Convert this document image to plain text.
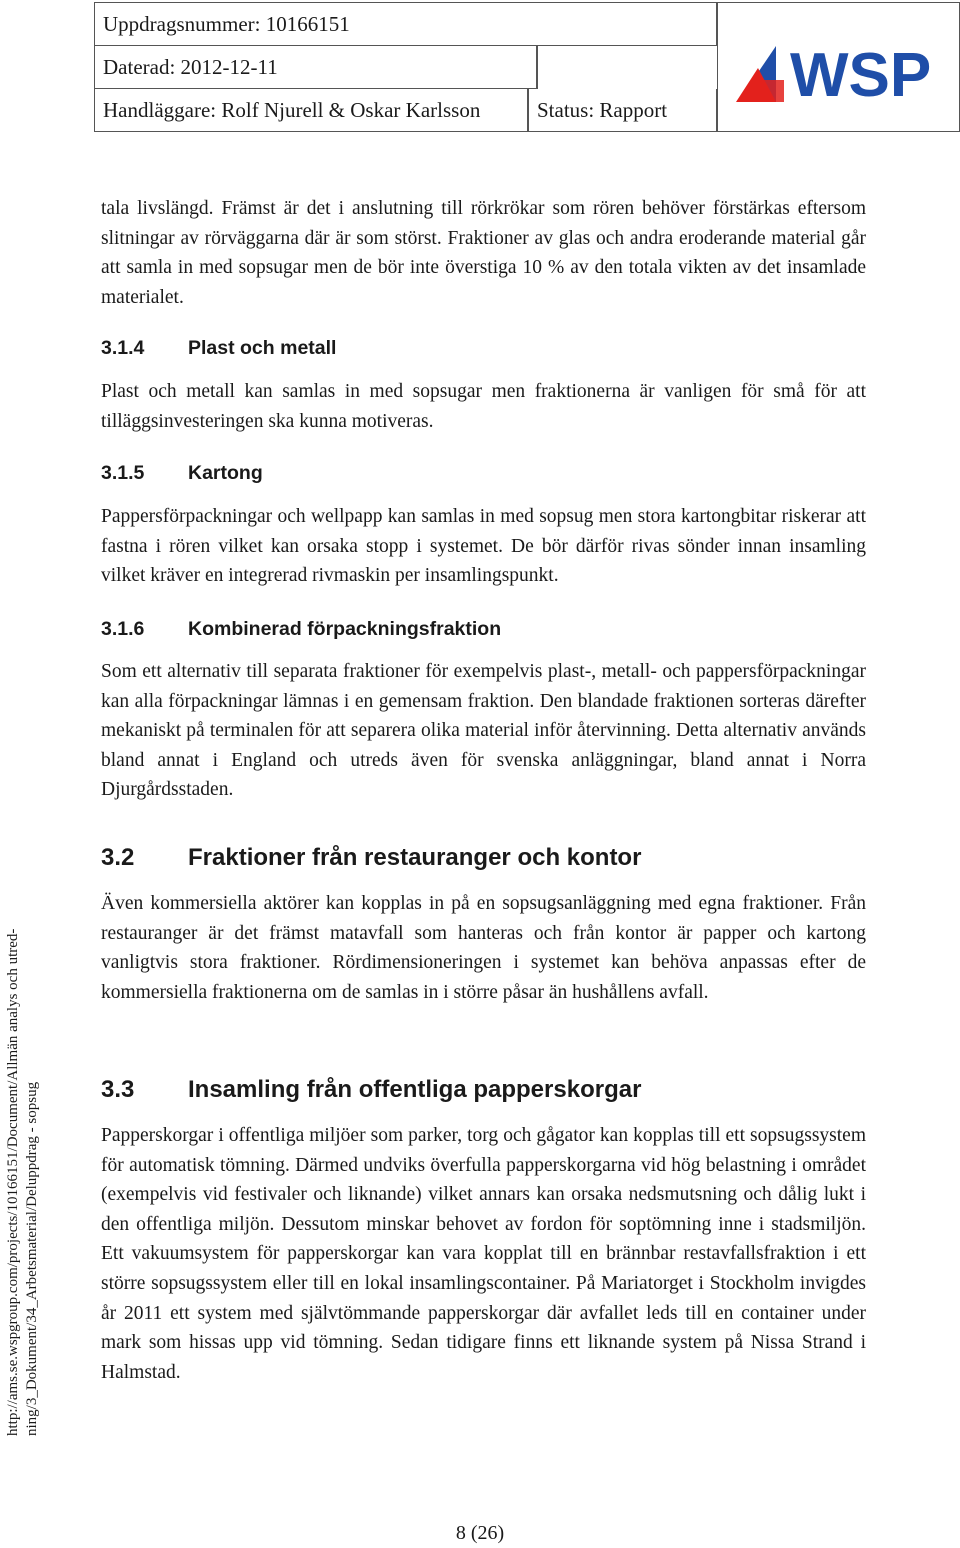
Uppdragsnummer: 10166151
Daterad: 2012-12-11
Handläggare: Rolf Njurell & Oskar Karlsson	Status: Rapport	WSP

tala livslängd. Främst är det i anslutning till rörkrökar som rören behöver förstärkas eftersom slitningar av rörväggarna där är som störst. Fraktioner av glas och andra eroderande material går att samla in med sopsugar men de bör inte överstiga 10 % av den totala vikten av det insamlade materialet.

3.1.4 Plast och metall

Plast och metall kan samlas in med sopsugar men fraktionerna är vanligen för små för att tilläggsinvesteringen ska kunna motiveras.

3.1.5 Kartong

Pappersförpackningar och wellpapp kan samlas in med sopsug men stora kartongbitar riskerar att fastna i rören vilket kan orsaka stopp i systemet. De bör därför rivas sönder innan insamling vilket kräver en integrerad rivmaskin per insamlingspunkt.

3.1.6 Kombinerad förpackningsfraktion

Som ett alternativ till separata fraktioner för exempelvis plast-, metall- och pappersförpackningar kan alla förpackningar lämnas i en gemensam fraktion. Den blandade fraktionen sorteras därefter mekaniskt på terminalen för att separera olika material inför återvinning. Detta alternativ används bland annat i England och utreds även för svenska anläggningar, bland annat i Norra Djurgårdsstaden.

3.2 Fraktioner från restauranger och kontor

Även kommersiella aktörer kan kopplas in på en sopsugsanläggning med egna fraktioner. Från restauranger är det främst matavfall som hanteras och från kontor är papper och kartong vanligtvis stora fraktioner. Rördimensioneringen i systemet kan behöva anpassas efter de kommersiella fraktionerna om de samlas in i större påsar än hushållens avfall.

3.3 Insamling från offentliga papperskorgar

Papperskorgar i offentliga miljöer som parker, torg och gågator kan kopplas till ett sopsugssystem för automatisk tömning. Därmed undviks överfulla papperskorgarna vid hög belastning i området (exempelvis vid festivaler och liknande) vilket annars kan orsaka nedsmutsning och dålig lukt i den offentliga miljön. Dessutom minskar behovet av fordon för soptömning inne i stadsmiljön. Ett vakuumsystem för papperskorgar kan vara kopplat till en brännbar restavfallsfraktion i ett större sopsugssystem eller till en lokal insamlingscontainer. På Mariatorget i Stockholm invigdes år 2011 ett system med självtömmande papperskorgar där avfallet leds till en container under mark som hissas upp vid tömning. Sedan tidigare finns ett liknande system på Nissa Strand i Halmstad.

http://ams.se.wspgroup.com/projects/10166151/Document/Allmän analys och utred- ning/3_Dokument/34_Arbetsmaterial/Deluppdrag - sopsug
8 (26)
